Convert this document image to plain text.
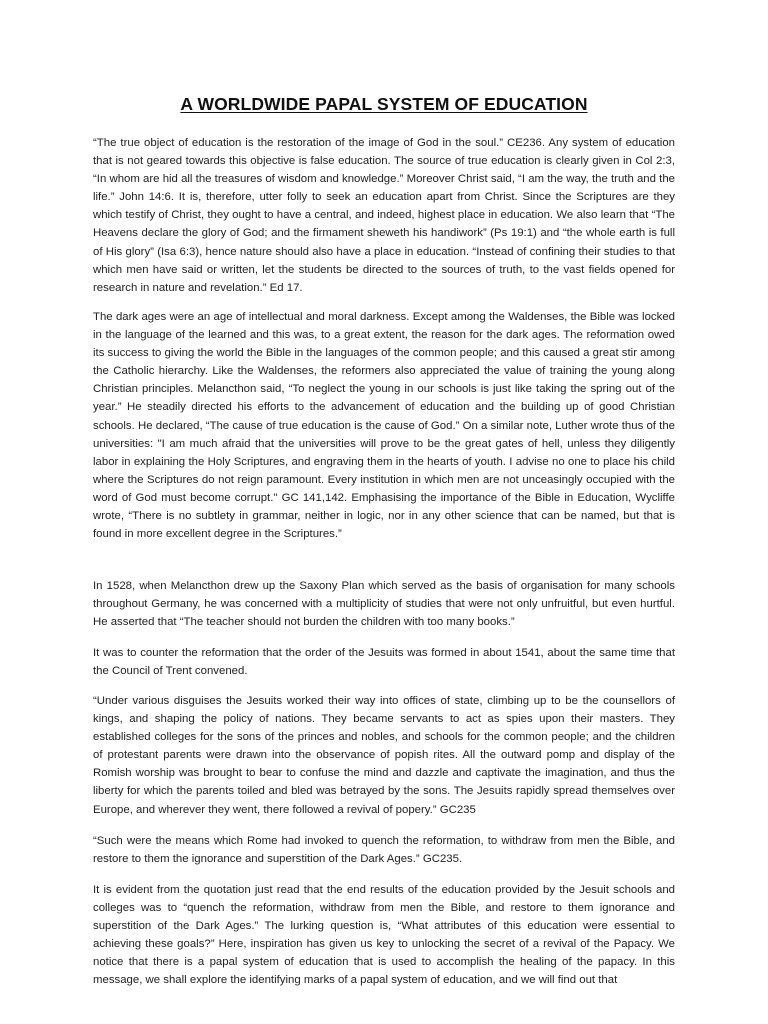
A WORLDWIDE PAPAL SYSTEM OF EDUCATION

“The true object of education is the restoration of the image of God in the soul.” CE236. Any system of education that is not geared towards this objective is false education. The source of true education is clearly given in Col 2:3, “In whom are hid all the treasures of wisdom and knowledge.” Moreover Christ said, “I am the way, the truth and the life.” John 14:6. It is, therefore, utter folly to seek an education apart from Christ. Since the Scriptures are they which testify of Christ, they ought to have a central, and indeed, highest place in education. We also learn that “The Heavens declare the glory of God; and the firmament sheweth his handiwork” (Ps 19:1) and “the whole earth is full of His glory” (Isa 6:3), hence nature should also have a place in education. “Instead of confining their studies to that which men have said or written, let the students be directed to the sources of truth, to the vast fields opened for research in nature and revelation.” Ed 17.

The dark ages were an age of intellectual and moral darkness. Except among the Waldenses, the Bible was locked in the language of the learned and this was, to a great extent, the reason for the dark ages. The reformation owed its success to giving the world the Bible in the languages of the common people; and this caused a great stir among the Catholic hierarchy. Like the Waldenses, the reformers also appreciated the value of training the young along Christian principles. Melancthon said, “To neglect the young in our schools is just like taking the spring out of the year.” He steadily directed his efforts to the advancement of education and the building up of good Christian schools. He declared, “The cause of true education is the cause of God.” On a similar note, Luther wrote thus of the universities: "I am much afraid that the universities will prove to be the great gates of hell, unless they diligently labor in explaining the Holy Scriptures, and engraving them in the hearts of youth. I advise no one to place his child where the Scriptures do not reign paramount. Every institution in which men are not unceasingly occupied with the word of God must become corrupt." GC 141,142. Emphasising the importance of the Bible in Education, Wycliffe wrote, “There is no subtlety in grammar, neither in logic, nor in any other science that can be named, but that is found in more excellent degree in the Scriptures.”

In 1528, when Melancthon drew up the Saxony Plan which served as the basis of organisation for many schools throughout Germany, he was concerned with a multiplicity of studies that were not only unfruitful, but even hurtful. He asserted that “The teacher should not burden the children with too many books.”

It was to counter the reformation that the order of the Jesuits was formed in about 1541, about the same time that the Council of Trent convened.

“Under various disguises the Jesuits worked their way into offices of state, climbing up to be the counsellors of kings, and shaping the policy of nations. They became servants to act as spies upon their masters. They established colleges for the sons of the princes and nobles, and schools for the common people; and the children of protestant parents were drawn into the observance of popish rites. All the outward pomp and display of the Romish worship was brought to bear to confuse the mind and dazzle and captivate the imagination, and thus the liberty for which the parents toiled and bled was betrayed by the sons. The Jesuits rapidly spread themselves over Europe, and wherever they went, there followed a revival of popery.” GC235

“Such were the means which Rome had invoked to quench the reformation, to withdraw from men the Bible, and restore to them the ignorance and superstition of the Dark Ages.” GC235.

It is evident from the quotation just read that the end results of the education provided by the Jesuit schools and colleges was to “quench the reformation, withdraw from men the Bible, and restore to them ignorance and superstition of the Dark Ages.” The lurking question is, “What attributes of this education were essential to achieving these goals?” Here, inspiration has given us key to unlocking the secret of a revival of the Papacy. We notice that there is a papal system of education that is used to accomplish the healing of the papacy. In this message, we shall explore the identifying marks of a papal system of education, and we will find out that
